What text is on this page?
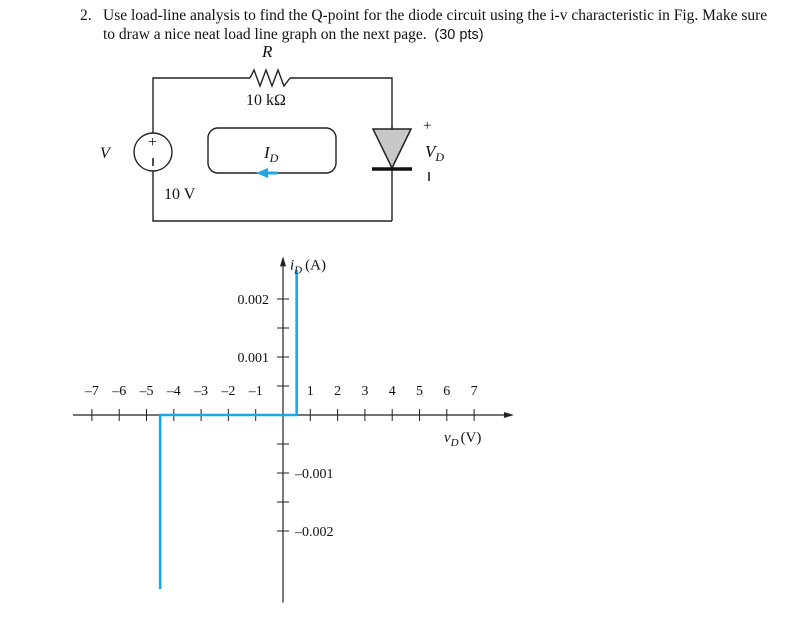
2. Use load-line analysis to find the Q-point for the diode circuit using the i-v characteristic in Fig. Make sure
to draw a nice neat load line graph on the next page. (30 pts)
+
V
10 V
R
10 kΩ
$I_D$
+
$V_D$
–7 –6 –5 –4 –3 –2 –1	1 2 3 4 5 6 7
0.002
0.001
–0.001
–0.002
$i_D$ (A)
$v_D$ (V)
